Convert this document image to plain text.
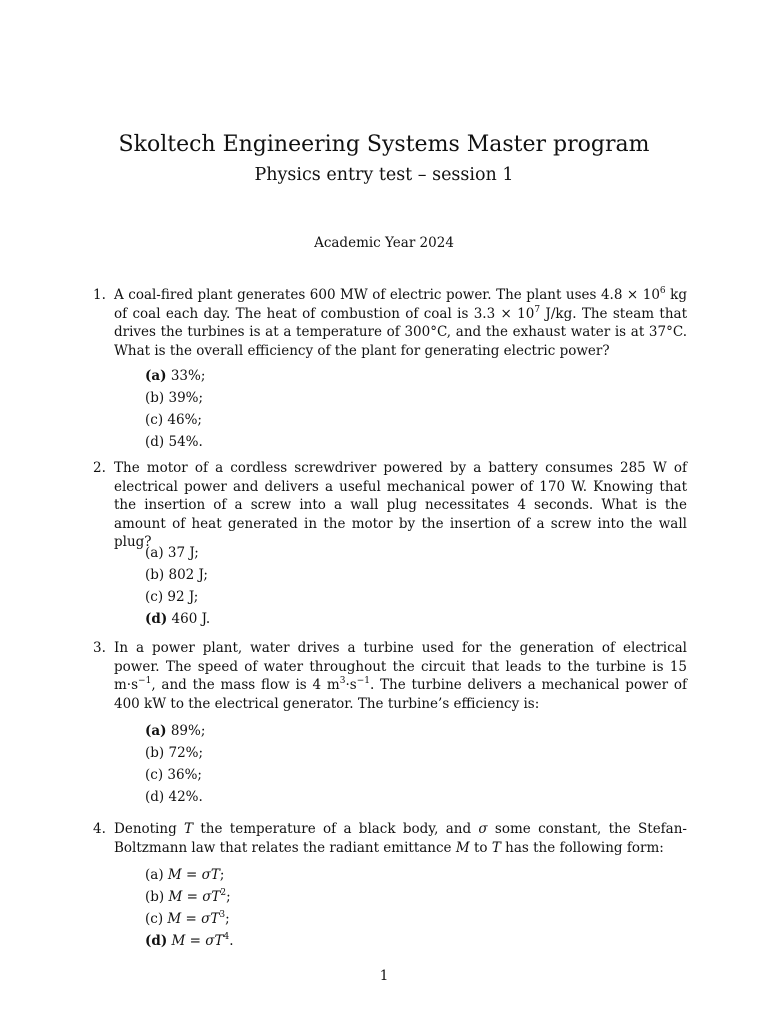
Skoltech Engineering Systems Master program
Physics entry test – session 1
Academic Year 2024
1. A coal-fired plant generates 600 MW of electric power. The plant uses $4.8 \times 10^6$ kg of coal each day. The heat of combustion of coal is $3.3 \times 10^7$ J/kg. The steam that drives the turbines is at a temperature of 300°C, and the exhaust water is at 37°C. What is the overall efficiency of the plant for generating electric power?
(a) 33%;
(b) 39%;
(c) 46%;
(d) 54%.
2. The motor of a cordless screwdriver powered by a battery consumes 285 W of electrical power and delivers a useful mechanical power of 170 W. Knowing that the insertion of a screw into a wall plug necessitates 4 seconds. What is the amount of heat generated in the motor by the insertion of a screw into the wall plug?
(a) 37 J;
(b) 802 J;
(c) 92 J;
(d) 460 J.
3. In a power plant, water drives a turbine used for the generation of electrical power. The speed of water throughout the circuit that leads to the turbine is 15 $m\cdot s^{-1}$, and the mass flow is 4 $m^3\cdot s^{-1}$. The turbine delivers a mechanical power of 400 kW to the electrical generator. The turbine’s efficiency is:
(a) 89%;
(b) 72%;
(c) 36%;
(d) 42%.
4. Denoting T the temperature of a black body, and σ some constant, the Stefan-Boltzmann law that relates the radiant emittance M to T has the following form:
(a) M = σT;
(b) $M = \sigma T^2$;
(c) $M = \sigma T^3$;
(d) $M = \sigma T^4$.
1
